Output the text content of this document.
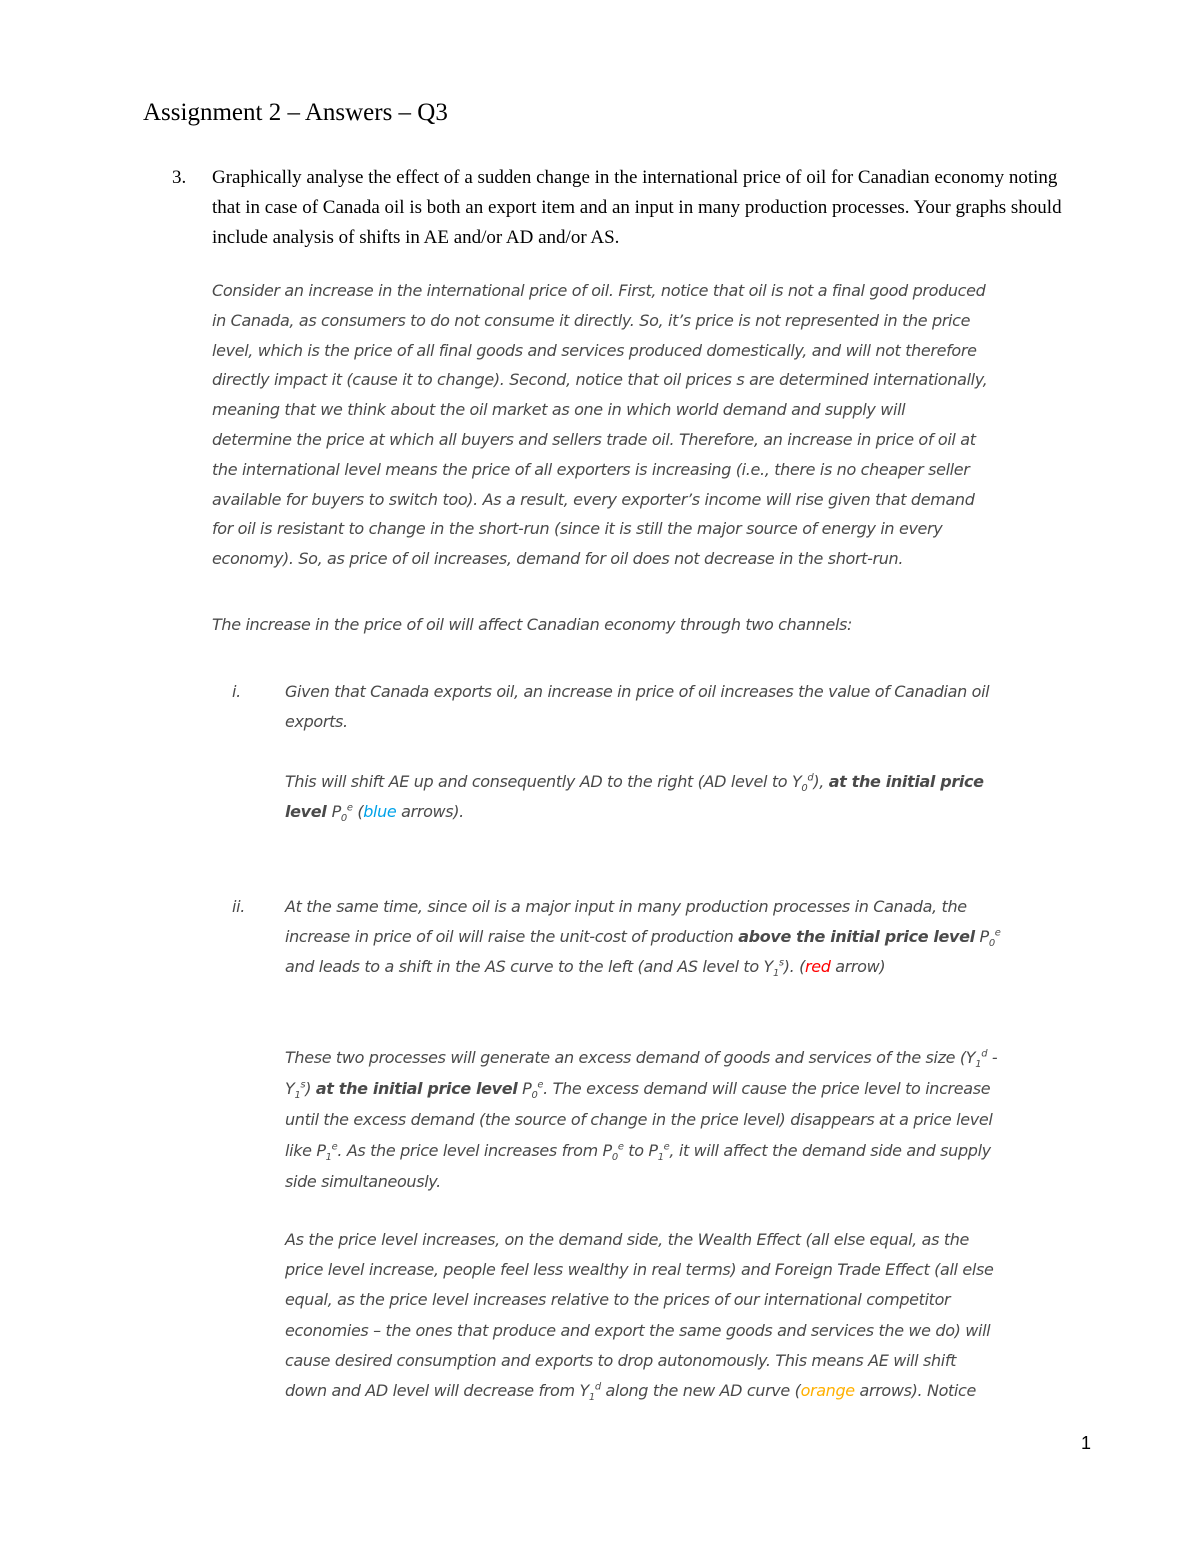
Assignment 2 – Answers – Q3
3. Graphically analyse the effect of a sudden change in the international price of oil for Canadian economy noting that in case of Canada oil is both an export item and an input in many production processes. Your graphs should include analysis of shifts in AE and/or AD and/or AS.

Consider an increase in the international price of oil. First, notice that oil is not a final good produced
in Canada, as consumers to do not consume it directly. So, it’s price is not represented in the price
level, which is the price of all final goods and services produced domestically, and will not therefore
directly impact it (cause it to change). Second, notice that oil prices s are determined internationally,
meaning that we think about the oil market as one in which world demand and supply will
determine the price at which all buyers and sellers trade oil. Therefore, an increase in price of oil at
the international level means the price of all exporters is increasing (i.e., there is no cheaper seller
available for buyers to switch too). As a result, every exporter’s income will rise given that demand
for oil is resistant to change in the short-run (since it is still the major source of energy in every
economy). So, as price of oil increases, demand for oil does not decrease in the short-run.

The increase in the price of oil will affect Canadian economy through two channels:

i.	Given that Canada exports oil, an increase in price of oil increases the value of Canadian oil
exports.

This will shift AE up and consequently AD to the right (AD level to $Y_0^d$), at the initial price
level $P_0^e$ (blue arrows).

ii.	At the same time, since oil is a major input in many production processes in Canada, the
increase in price of oil will raise the unit-cost of production above the initial price level $P_0^e$
and leads to a shift in the AS curve to the left (and AS level to $Y_1^s$). (red arrow)

These two processes will generate an excess demand of goods and services of the size ($Y_1^d$ -
$Y_1^s$) at the initial price level $P_0^e$. The excess demand will cause the price level to increase
until the excess demand (the source of change in the price level) disappears at a price level
like $P_1^e$. As the price level increases from $P_0^e$ to $P_1^e$, it will affect the demand side and supply
side simultaneously.

As the price level increases, on the demand side, the Wealth Effect (all else equal, as the
price level increase, people feel less wealthy in real terms) and Foreign Trade Effect (all else
equal, as the price level increases relative to the prices of our international competitor
economies – the ones that produce and export the same goods and services the we do) will
cause desired consumption and exports to drop autonomously. This means AE will shift
down and AD level will decrease from $Y_1^d$ along the new AD curve (orange arrows). Notice

1
